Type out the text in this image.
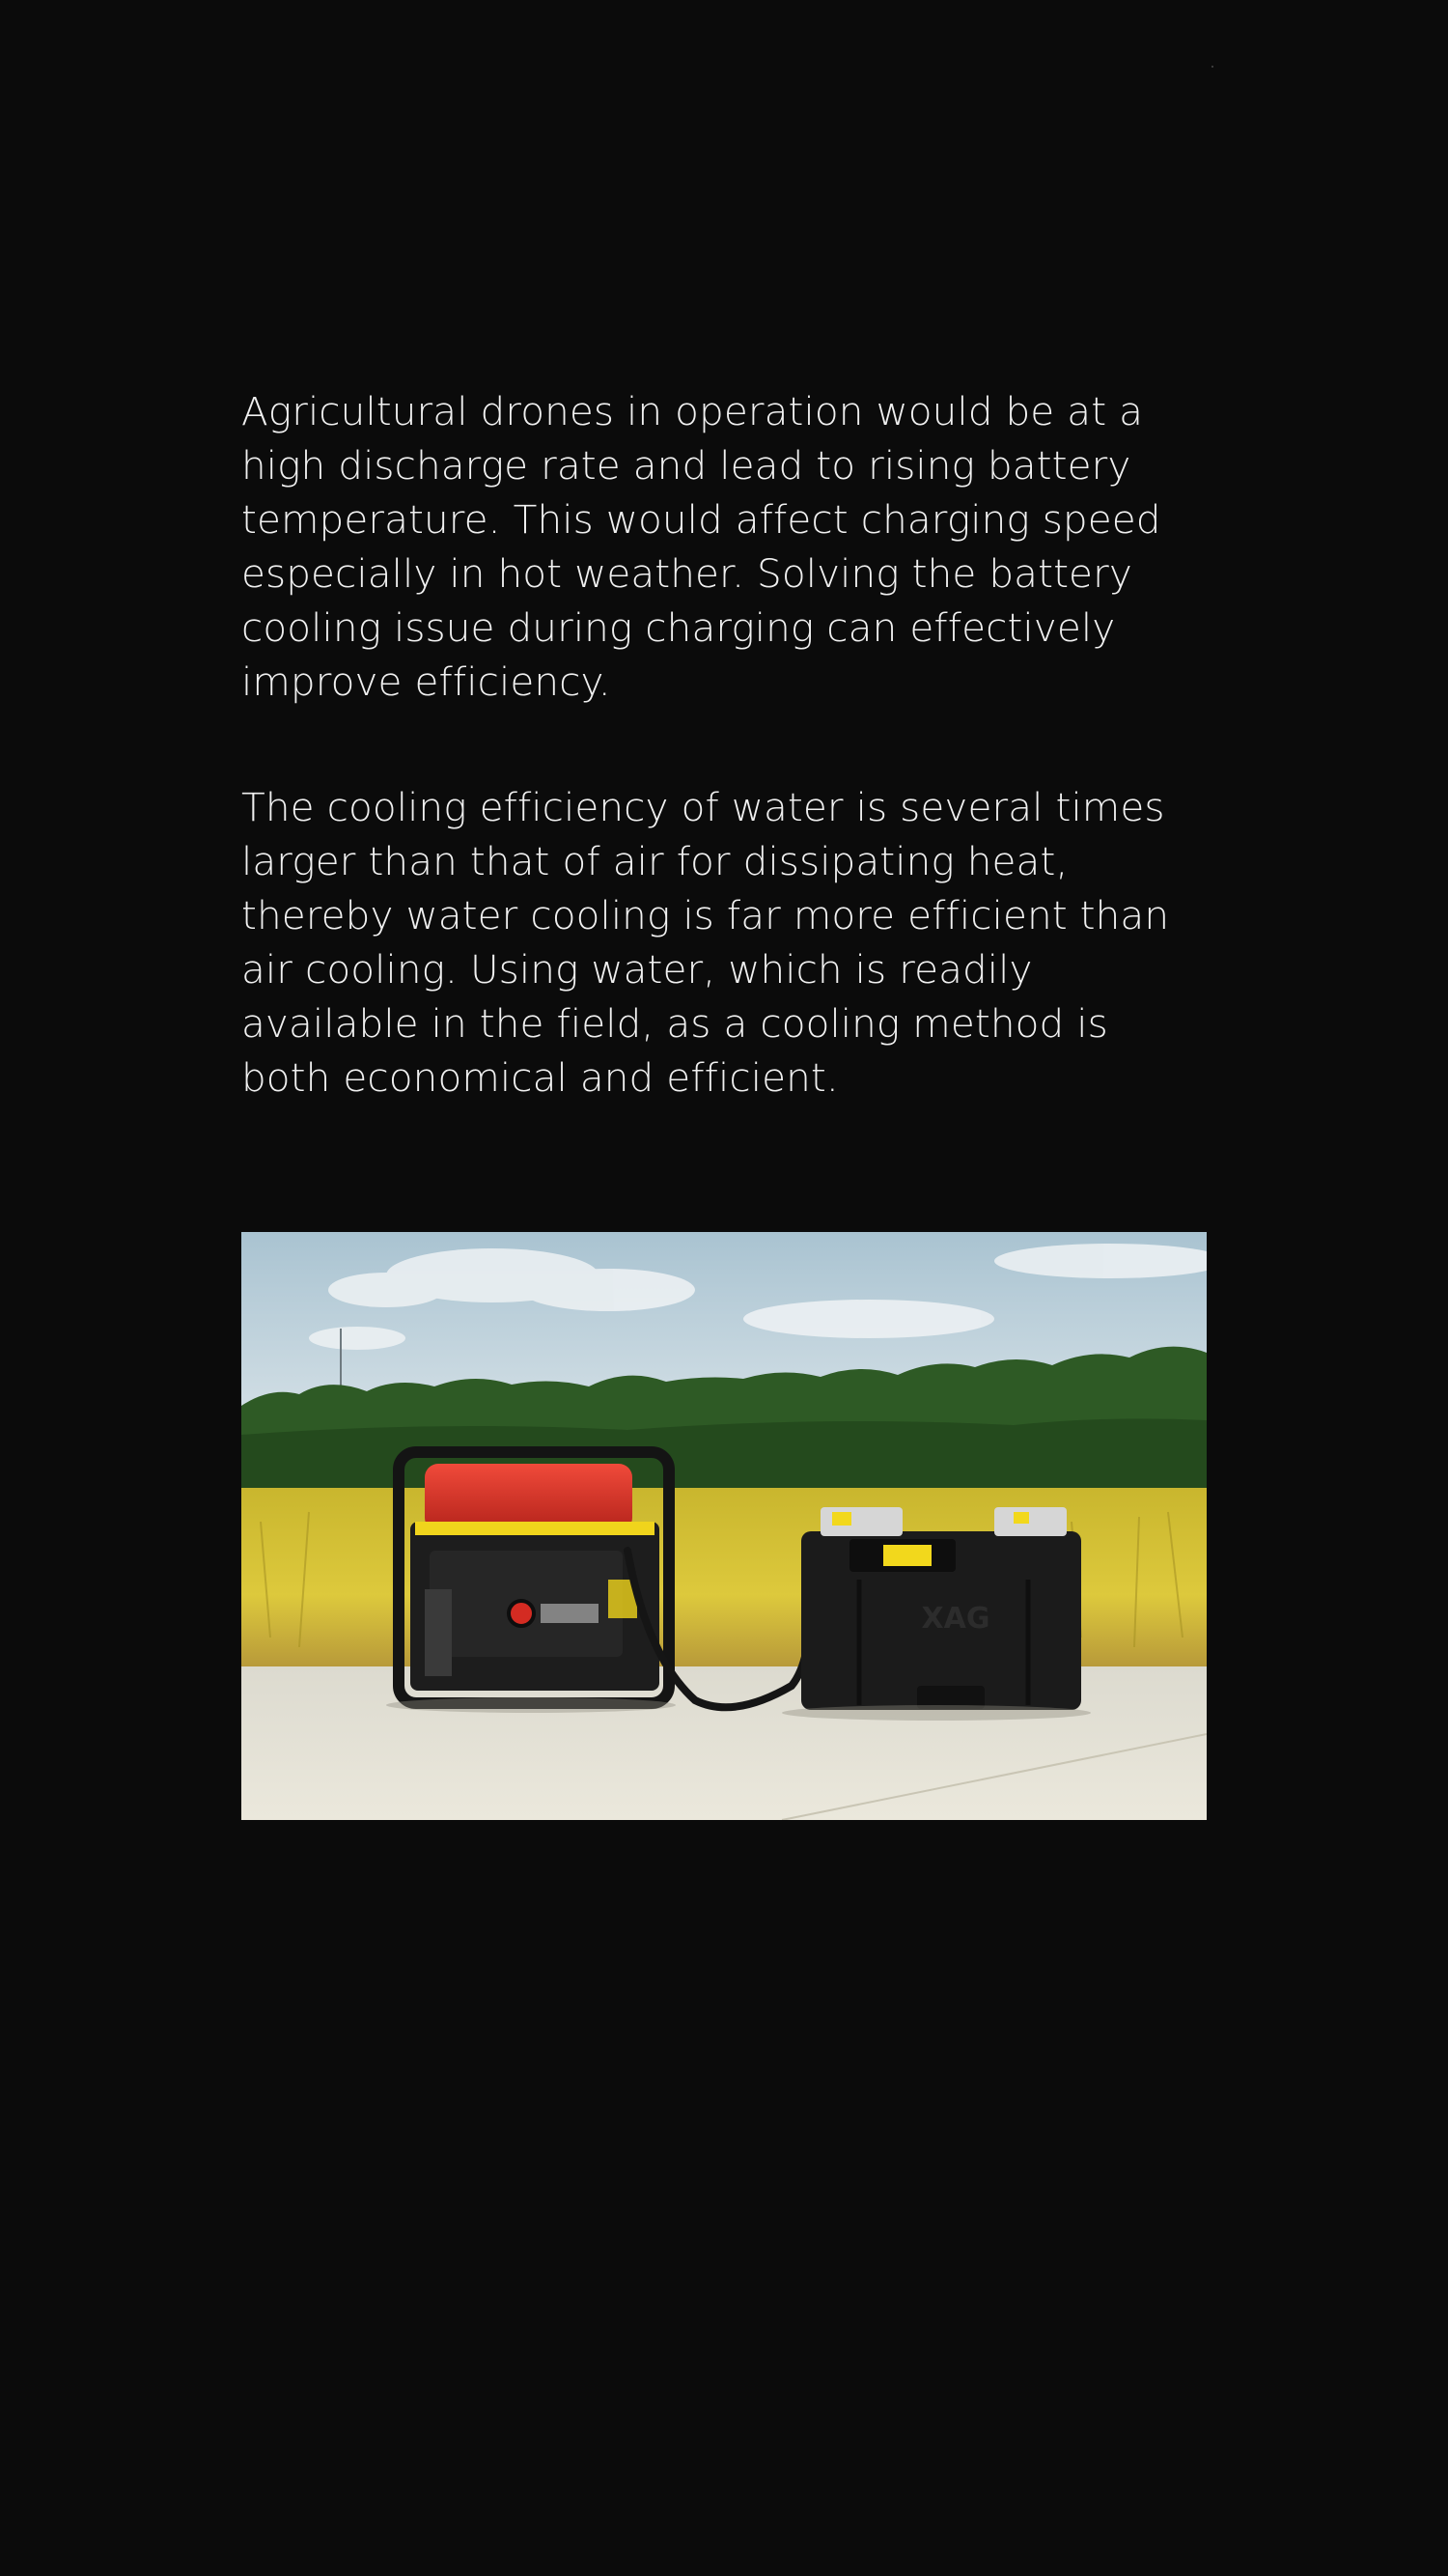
Agricultural drones in operation would be at a high discharge rate and lead to rising battery temperature. This would affect charging speed especially in hot weather. Solving the battery cooling issue during charging can effectively improve efficiency.

The cooling efficiency of water is several times larger than that of air for dissipating heat, thereby water cooling is far more efficient than air cooling. Using water, which is readily available in the field, as a cooling method is both economical and efficient.

XAG
